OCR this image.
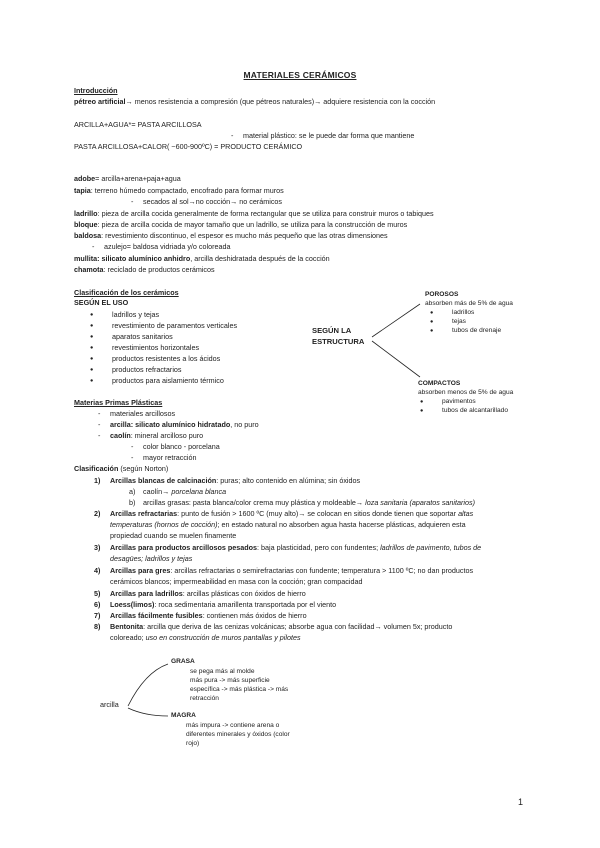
MATERIALES CERÁMICOS
Introducción
pétreo artificial→ menos resistencia a compresión (que pétreos naturales)→ adquiere resistencia con la cocción
ARCILLA+AGUA*= PASTA ARCILLOSA
- material plástico: se le puede dar forma que mantiene
PASTA ARCILLOSA+CALOR( ~600-900ºC) = PRODUCTO CERÁMICO
adobe= arcilla+arena+paja+agua
tapia: terreno húmedo compactado, encofrado para formar muros
- secados al sol→no cocción→ no cerámicos
ladrillo: pieza de arcilla cocida generalmente de forma rectangular que se utiliza para construir muros o tabiques
bloque: pieza de arcilla cocida de mayor tamaño que un ladrillo, se utiliza para la construcción de muros
baldosa: revestimiento discontinuo, el espesor es mucho más pequeño que las otras dimensiones
- azulejo= baldosa vidriada y/o coloreada
mullita: silicato alumínico anhidro, arcilla deshidratada después de la cocción
chamota: reciclado de productos cerámicos
Clasificación de los cerámicos
SEGÚN EL USO
● ladrillos y tejas
● revestimiento de paramentos verticales
● aparatos sanitarios
● revestimientos horizontales
● productos resistentes a los ácidos
● productos refractarios
● productos para aislamiento térmico
SEGÚN LA
ESTRUCTURA
POROSOS
absorben más de 5% de agua
● ladrillos
● tejas
● tubos de drenaje
COMPACTOS
absorben menos de 5% de agua
● pavimentos
● tubos de alcantarillado
Materias Primas Plásticas
- materiales arcillosos
- arcilla: silicato alumínico hidratado, no puro
- caolín: mineral arcilloso puro
- color blanco - porcelana
- mayor retracción
Clasificación (según Norton)
1) Arcillas blancas de calcinación: puras; alto contenido en alúmina; sin óxidos
a) caolín→ porcelana blanca
b) arcillas grasas: pasta blanca/color crema muy plástica y moldeable→ loza sanitaria (aparatos sanitarios)
2) Arcillas refractarias: punto de fusión > 1600 ºC (muy alto)→ se colocan en sitios donde tienen que soportar altas
temperaturas (hornos de cocción); en estado natural no absorben agua hasta hacerse plásticas, adquieren esta
propiedad cuando se muelen finamente
3) Arcillas para productos arcillosos pesados: baja plasticidad, pero con fundentes; ladrillos de pavimento, tubos de
desagües; ladrillos y tejas
4) Arcillas para gres: arcillas refractarias o semirefractarias con fundente; temperatura > 1100 ºC; no dan productos
cerámicos blancos; impermeabilidad en masa con la cocción; gran compacidad
5) Arcillas para ladrillos: arcillas plásticas con óxidos de hierro
6) Loess(limos): roca sedimentaria amarillenta transportada por el viento
7) Arcillas fácilmente fusibles: contienen más óxidos de hierro
8) Bentonita: arcilla que deriva de las cenizas volcánicas; absorbe agua con facilidad→ volumen 5x; producto
coloreado; uso en construcción de muros pantallas y pilotes
arcilla
GRASA
se pega más al molde
más pura -> más superficie
específica -> más plástica -> más
retracción
MAGRA
más impura -> contiene arena o
diferentes minerales y óxidos (color
rojo)
1
